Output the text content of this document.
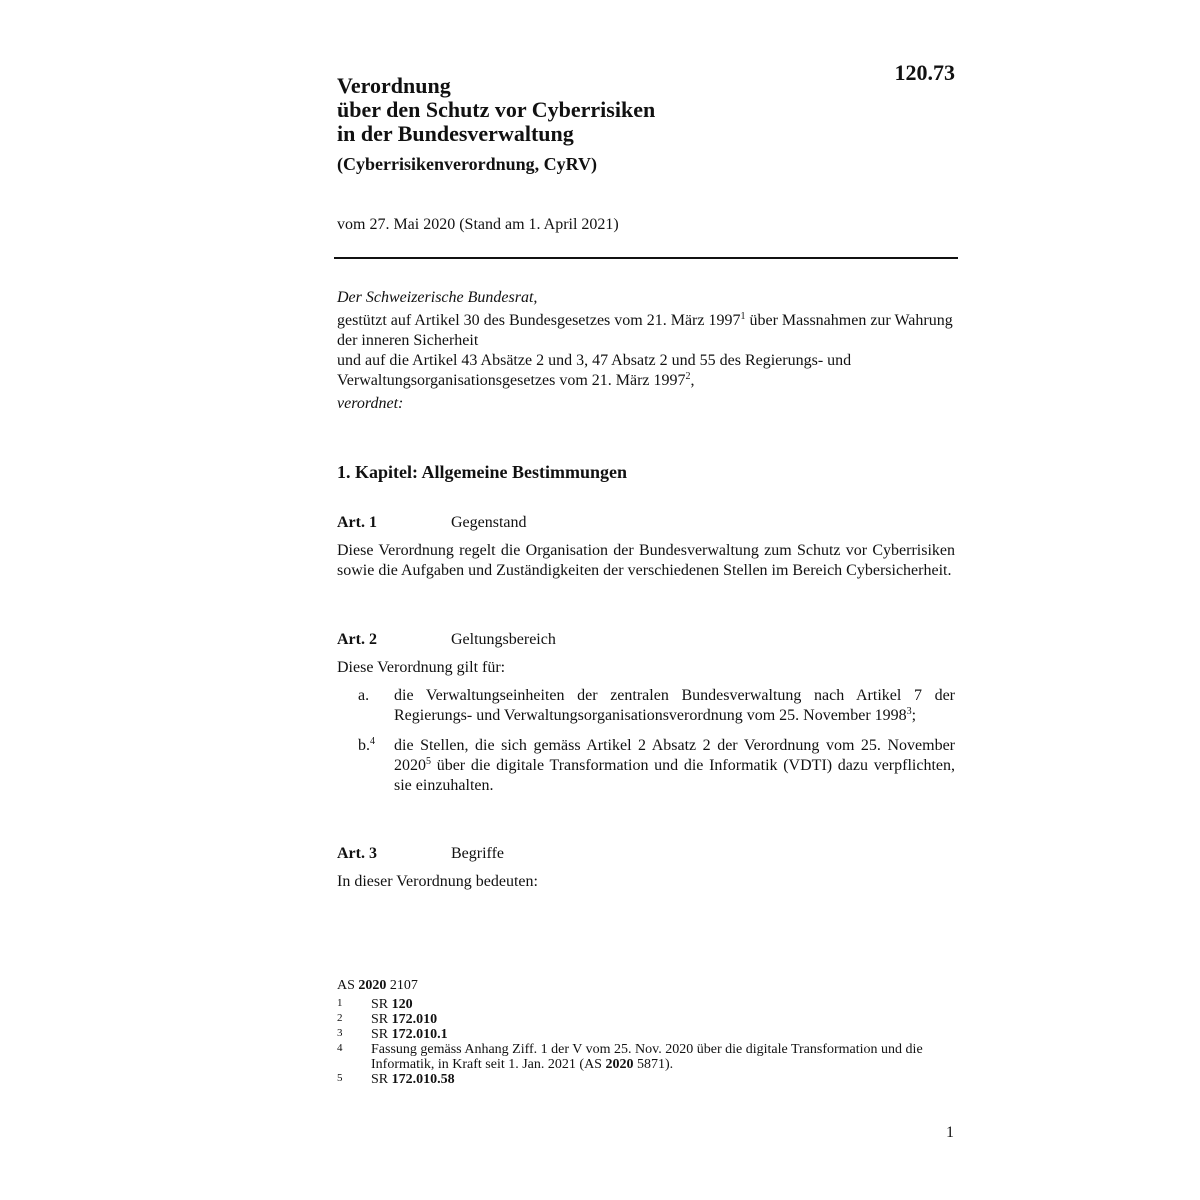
120.73
Verordnung
über den Schutz vor Cyberrisiken
in der Bundesverwaltung
(Cyberrisikenverordnung, CyRV)
vom 27. Mai 2020 (Stand am 1. April 2021)
Der Schweizerische Bundesrat,
gestützt auf Artikel 30 des Bundesgesetzes vom 21. März 1997$^1$ über Massnahmen zur Wahrung der inneren Sicherheit
und auf die Artikel 43 Absätze 2 und 3, 47 Absatz 2 und 55 des Regierungs- und Verwaltungsorganisationsgesetzes vom 21. März 1997$^2$,
verordnet:
1. Kapitel: Allgemeine Bestimmungen
Art. 1	Gegenstand
Diese Verordnung regelt die Organisation der Bundesverwaltung zum Schutz vor Cyberrisiken sowie die Aufgaben und Zuständigkeiten der verschiedenen Stellen im Bereich Cybersicherheit.
Art. 2	Geltungsbereich
Diese Verordnung gilt für:
a.	die Verwaltungseinheiten der zentralen Bundesverwaltung nach Artikel 7 der Regierungs- und Verwaltungsorganisationsverordnung vom 25. November 1998$^3$;
b.$^4$	die Stellen, die sich gemäss Artikel 2 Absatz 2 der Verordnung vom 25. November 2020$^5$ über die digitale Transformation und die Informatik (VDTI) dazu verpflichten, sie einzuhalten.
Art. 3	Begriffe
In dieser Verordnung bedeuten:
AS 2020 2107
1	SR 120
2	SR 172.010
3	SR 172.010.1
4	Fassung gemäss Anhang Ziff. 1 der V vom 25. Nov. 2020 über die digitale Transformation und die Informatik, in Kraft seit 1. Jan. 2021 (AS 2020 5871).
5	SR 172.010.58
1
